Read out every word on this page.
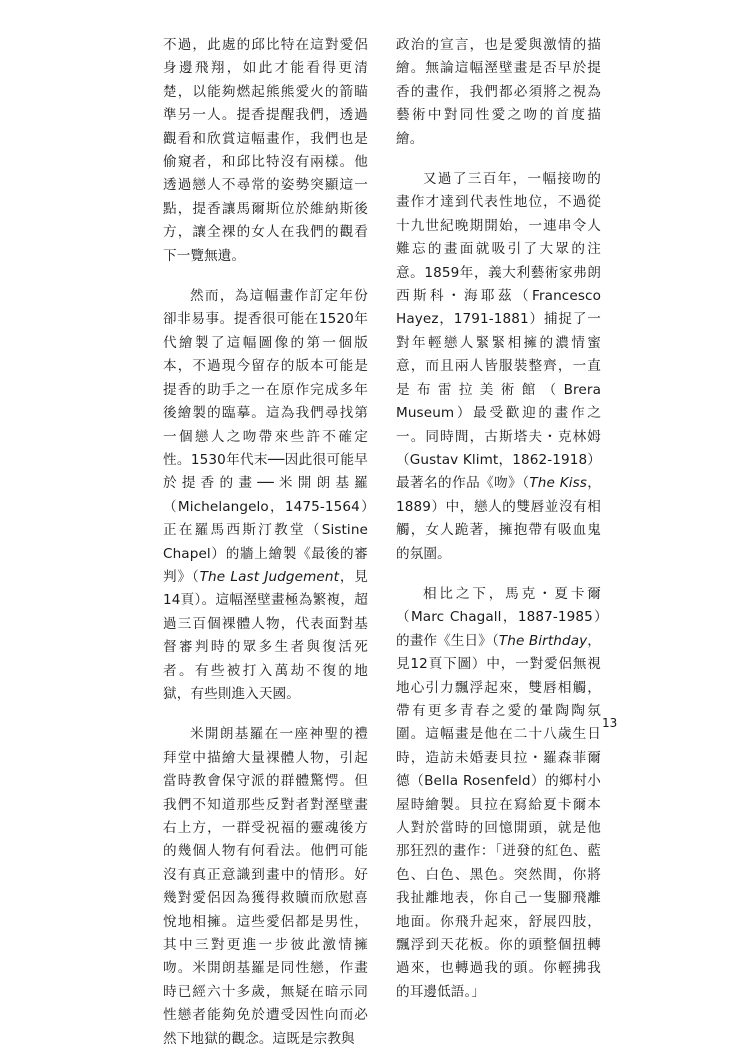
不過，此處的邱比特在這對愛侶身邊飛翔，如此才能看得更清楚，以能夠燃起熊熊愛火的箭瞄準另一人。提香提醒我們，透過觀看和欣賞這幅畫作，我們也是偷窺者，和邱比特沒有兩樣。他透過戀人不尋常的姿勢突顯這一點，提香讓馬爾斯位於維納斯後方，讓全裸的女人在我們的觀看下一覽無遺。

然而，為這幅畫作訂定年份卻非易事。提香很可能在1520年代繪製了這幅圖像的第一個版本，不過現今留存的版本可能是提香的助手之一在原作完成多年後繪製的臨摹。這為我們尋找第一個戀人之吻帶來些許不確定性。1530年代末──因此很可能早於提香的畫──米開朗基羅（Michelangelo，1475-1564）正在羅馬西斯汀教堂（Sistine Chapel）的牆上繪製《最後的審判》（The Last Judgement，見14頁）。這幅溼壁畫極為繁複，超過三百個裸體人物，代表面對基督審判時的眾多生者與復活死者。有些被打入萬劫不復的地獄，有些則進入天國。

米開朗基羅在一座神聖的禮拜堂中描繪大量裸體人物，引起當時教會保守派的群體驚愕。但我們不知道那些反對者對溼壁畫右上方，一群受祝福的靈魂後方的幾個人物有何看法。他們可能沒有真正意識到畫中的情形。好幾對愛侶因為獲得救贖而欣慰喜悅地相擁。這些愛侶都是男性，其中三對更進一步彼此激情擁吻。米開朗基羅是同性戀，作畫時已經六十多歲，無疑在暗示同性戀者能夠免於遭受因性向而必然下地獄的觀念。這既是宗教與

政治的宣言，也是愛與激情的描繪。無論這幅溼壁畫是否早於提香的畫作，我們都必須將之視為藝術中對同性愛之吻的首度描繪。

又過了三百年，一幅接吻的畫作才達到代表性地位，不過從十九世紀晚期開始，一連串令人難忘的畫面就吸引了大眾的注意。1859年，義大利藝術家弗朗西斯科・海耶茲（Francesco Hayez，1791-1881）捕捉了一對年輕戀人緊緊相擁的濃情蜜意，而且兩人皆服裝整齊，一直是布雷拉美術館（Brera Museum）最受歡迎的畫作之一。同時間，古斯塔夫・克林姆（Gustav Klimt，1862-1918）最著名的作品《吻》（The Kiss，1889）中，戀人的雙唇並沒有相觸，女人跪著，擁抱帶有吸血鬼的氛圍。

相比之下，馬克・夏卡爾（Marc Chagall，1887-1985）的畫作《生日》（The Birthday，見12頁下圖）中，一對愛侶無視地心引力飄浮起來，雙唇相觸，帶有更多青春之愛的暈陶陶氛圍。這幅畫是他在二十八歲生日時，造訪未婚妻貝拉・羅森菲爾德（Bella Rosenfeld）的鄉村小屋時繪製。貝拉在寫給夏卡爾本人對於當時的回憶開頭，就是他那狂烈的畫作：「迸發的紅色、藍色、白色、黑色。突然間，你將我扯離地表，你自己一隻腳飛離地面。你飛升起來，舒展四肢，飄浮到天花板。你的頭整個扭轉過來，也轉過我的頭。你輕拂我的耳邊低語。」

13
